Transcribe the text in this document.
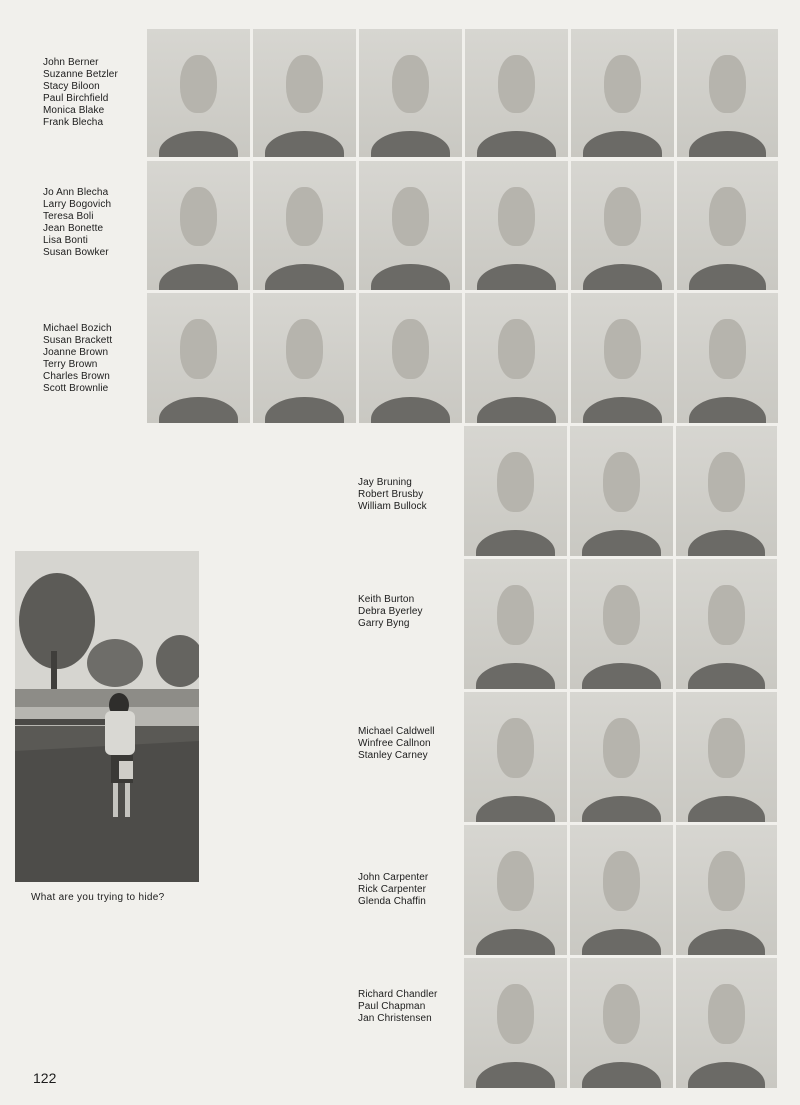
John Berner
Suzanne Betzler
Stacy Biloon
Paul Birchfield
Monica Blake
Frank Blecha
Jo Ann Blecha
Larry Bogovich
Teresa Boli
Jean Bonette
Lisa Bonti
Susan Bowker
Michael Bozich
Susan Brackett
Joanne Brown
Terry Brown
Charles Brown
Scott Brownlie
Jay Bruning
Robert Brusby
William Bullock
Keith Burton
Debra Byerley
Garry Byng
Michael Caldwell
Winfree Callnon
Stanley Carney
John Carpenter
Rick Carpenter
Glenda Chaffin
Richard Chandler
Paul Chapman
Jan Christensen
What are you trying to hide?
122
